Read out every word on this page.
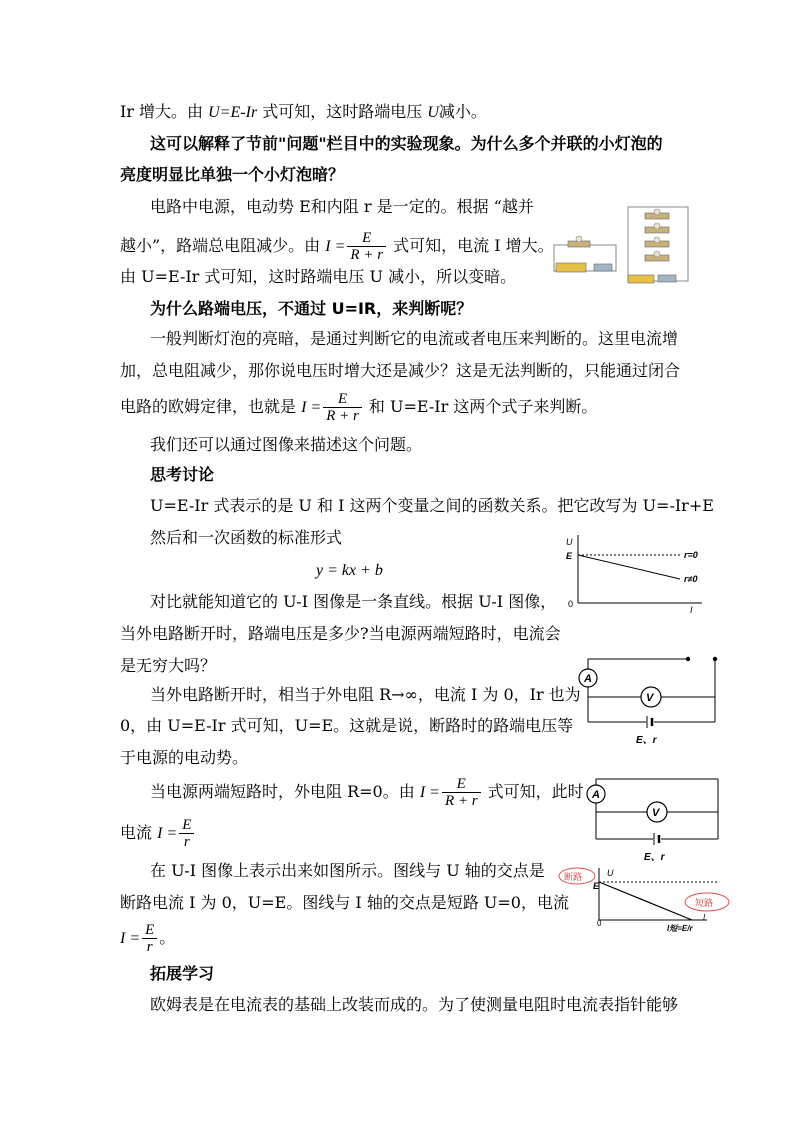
Ir 增大。由 U=E-Ir 式可知，这时路端电压 U减小。
这可以解释了节前"问题"栏目中的实验现象。为什么多个并联的小灯泡的
亮度明显比单独一个小灯泡暗？
电路中电源，电动势 E和内阻 r 是一定的。根据 “越并
越小”，路端总电阻减少。由 $I = \frac{E}{R + r}$ 式可知，电流 I 增大。
由 U=E-Ir 式可知，这时路端电压 U 减小，所以变暗。
为什么路端电压，不通过 U=IR，来判断呢？
一般判断灯泡的亮暗，是通过判断它的电流或者电压来判断的。这里电流增
加，总电阻减少，那你说电压时增大还是减少？这是无法判断的，只能通过闭合
电路的欧姆定律，也就是 $I = \frac{E}{R + r}$ 和 U=E-Ir 这两个式子来判断。
我们还可以通过图像来描述这个问题。
思考讨论
U=E-Ir 式表示的是 U 和 I 这两个变量之间的函数关系。把它改写为 U=-Ir+E
然后和一次函数的标准形式
y = kx + b
U
E
0
I
r=0
r≠0
对比就能知道它的 U-I 图像是一条直线。根据 U-I 图像，
当外电路断开时，路端电压是多少?当电源两端短路时，电流会
是无穷大吗？
A
V
E、r
当外电路断开时，相当于外电阻 R→∞，电流 I 为 0，Ir 也为
0，由 U=E-Ir 式可知，U=E。这就是说，断路时的路端电压等
于电源的电动势。
当电源两端短路时，外电阻 R=0。由 $I = \frac{E}{R + r}$ 式可知，此时
电流 $I = \frac{E}{r}$
A
V
E、r
在 U-I 图像上表示出来如图所示。图线与 U 轴的交点是
断路电流 I 为 0，U=E。图线与 I 轴的交点是短路 U=0，电流
$I = \frac{E}{r}$ 。
断路
短路
U
E
0
I
I短=E/r
拓展学习
欧姆表是在电流表的基础上改装而成的。为了使测量电阻时电流表指针能够
